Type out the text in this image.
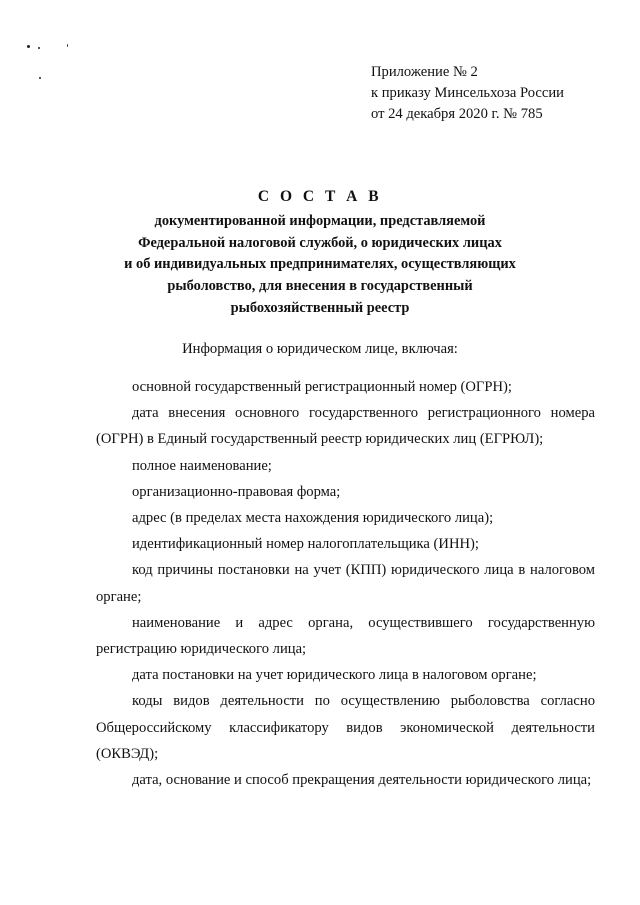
Приложение № 2
к приказу Минсельхоза России
от 24 декабря 2020 г. № 785
С О С Т А В
документированной информации, представляемой
Федеральной налоговой службой, о юридических лицах
и об индивидуальных предпринимателях, осуществляющих
рыболовство, для внесения в государственный
рыбохозяйственный реестр
Информация о юридическом лице, включая:

основной государственный регистрационный номер (ОГРН);

дата внесения основного государственного регистрационного номера (ОГРН) в Единый государственный реестр юридических лиц (ЕГРЮЛ);

полное наименование;

организационно-правовая форма;

адрес (в пределах места нахождения юридического лица);

идентификационный номер налогоплательщика (ИНН);

код причины постановки на учет (КПП) юридического лица в налоговом органе;

наименование и адрес органа, осуществившего государственную регистрацию юридического лица;

дата постановки на учет юридического лица в налоговом органе;

коды видов деятельности по осуществлению рыболовства согласно Общероссийскому классификатору видов экономической деятельности (ОКВЭД);

дата, основание и способ прекращения деятельности юридического лица;
